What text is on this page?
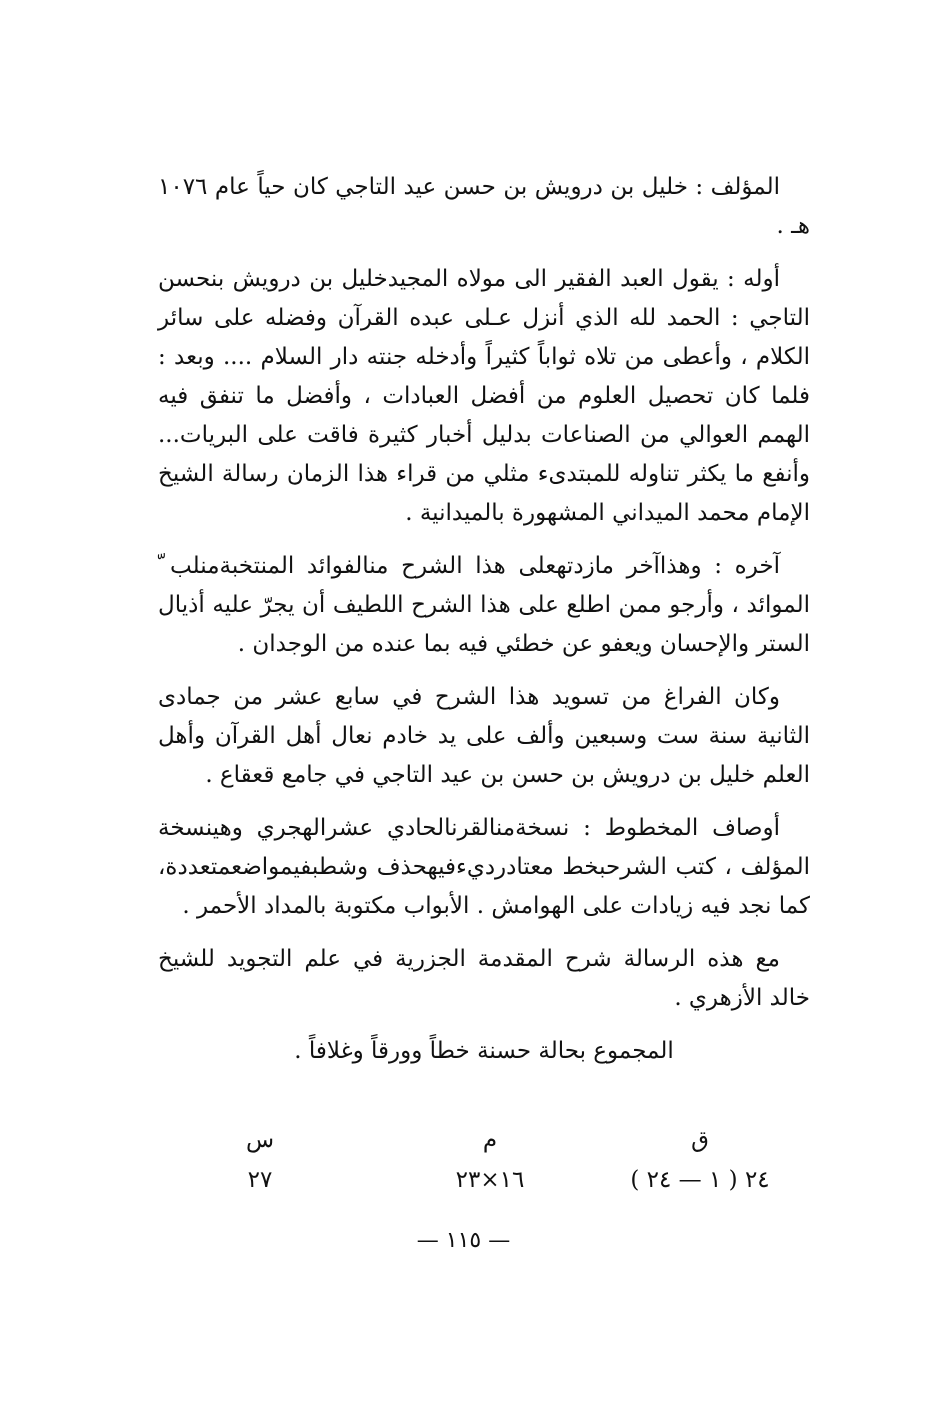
المؤلف : خليل بن درويش بن حسن عيد التاجي كان حياً عام ١٠٧٦ هـ .

أوله : يقول العبد الفقير الى مولاه المجيدخليل بن درويش بنحسن التاجي : الحمد لله الذي أنزل عـلى عبده القرآن وفضله على سائر الكلام ، وأعطى من تلاه ثواباً كثيراً وأدخله جنته دار السلام .... وبعد : فلما كان تحصيل العلوم من أفضل العبادات ، وأفضل ما تنفق فيه الهمم العوالي من الصناعات بدليل أخبار كثيرة فاقت على البريات... وأنفع ما يكثر تناوله للمبتدىء مثلي من قراء هذا الزمان رسالة الشيخ الإمام محمد الميداني المشهورة بالميدانية .

آخره : وهذاآخر مازدتهعلى هذا الشرح منالفوائد المنتخبةمنلب ّ الموائد ، وأرجو ممن اطلع على هذا الشرح اللطيف أن يجرّ عليه أذيال الستر والإحسان ويعفو عن خطئي فيه بما عنده من الوجدان .

وكان الفراغ من تسويد هذا الشرح في سابع عشر من جمادى الثانية سنة ست وسبعين وألف على يد خادم نعال أهل القرآن وأهل العلم خليل بن درويش بن حسن بن عيد التاجي في جامع قعقاع .

أوصاف المخطوط : نسخةمنالقرنالحادي عشرالهجري وهينسخة المؤلف ، كتب الشرحبخط معتادرديءفيهحذف وشطبفيمواضعمتعددة، كما نجد فيه زيادات على الهوامش . الأبواب مكتوبة بالمداد الأحمر .

مع هذه الرسالة شرح المقدمة الجزرية في علم التجويد للشيخ خالد الأزهري .

المجموع بحالة حسنة خطاً وورقاً وغلافاً .

ق
٢٤ ( ١ — ٢٤ )
م
١٦×٢٣
س
٢٧
— ١١٥ —
